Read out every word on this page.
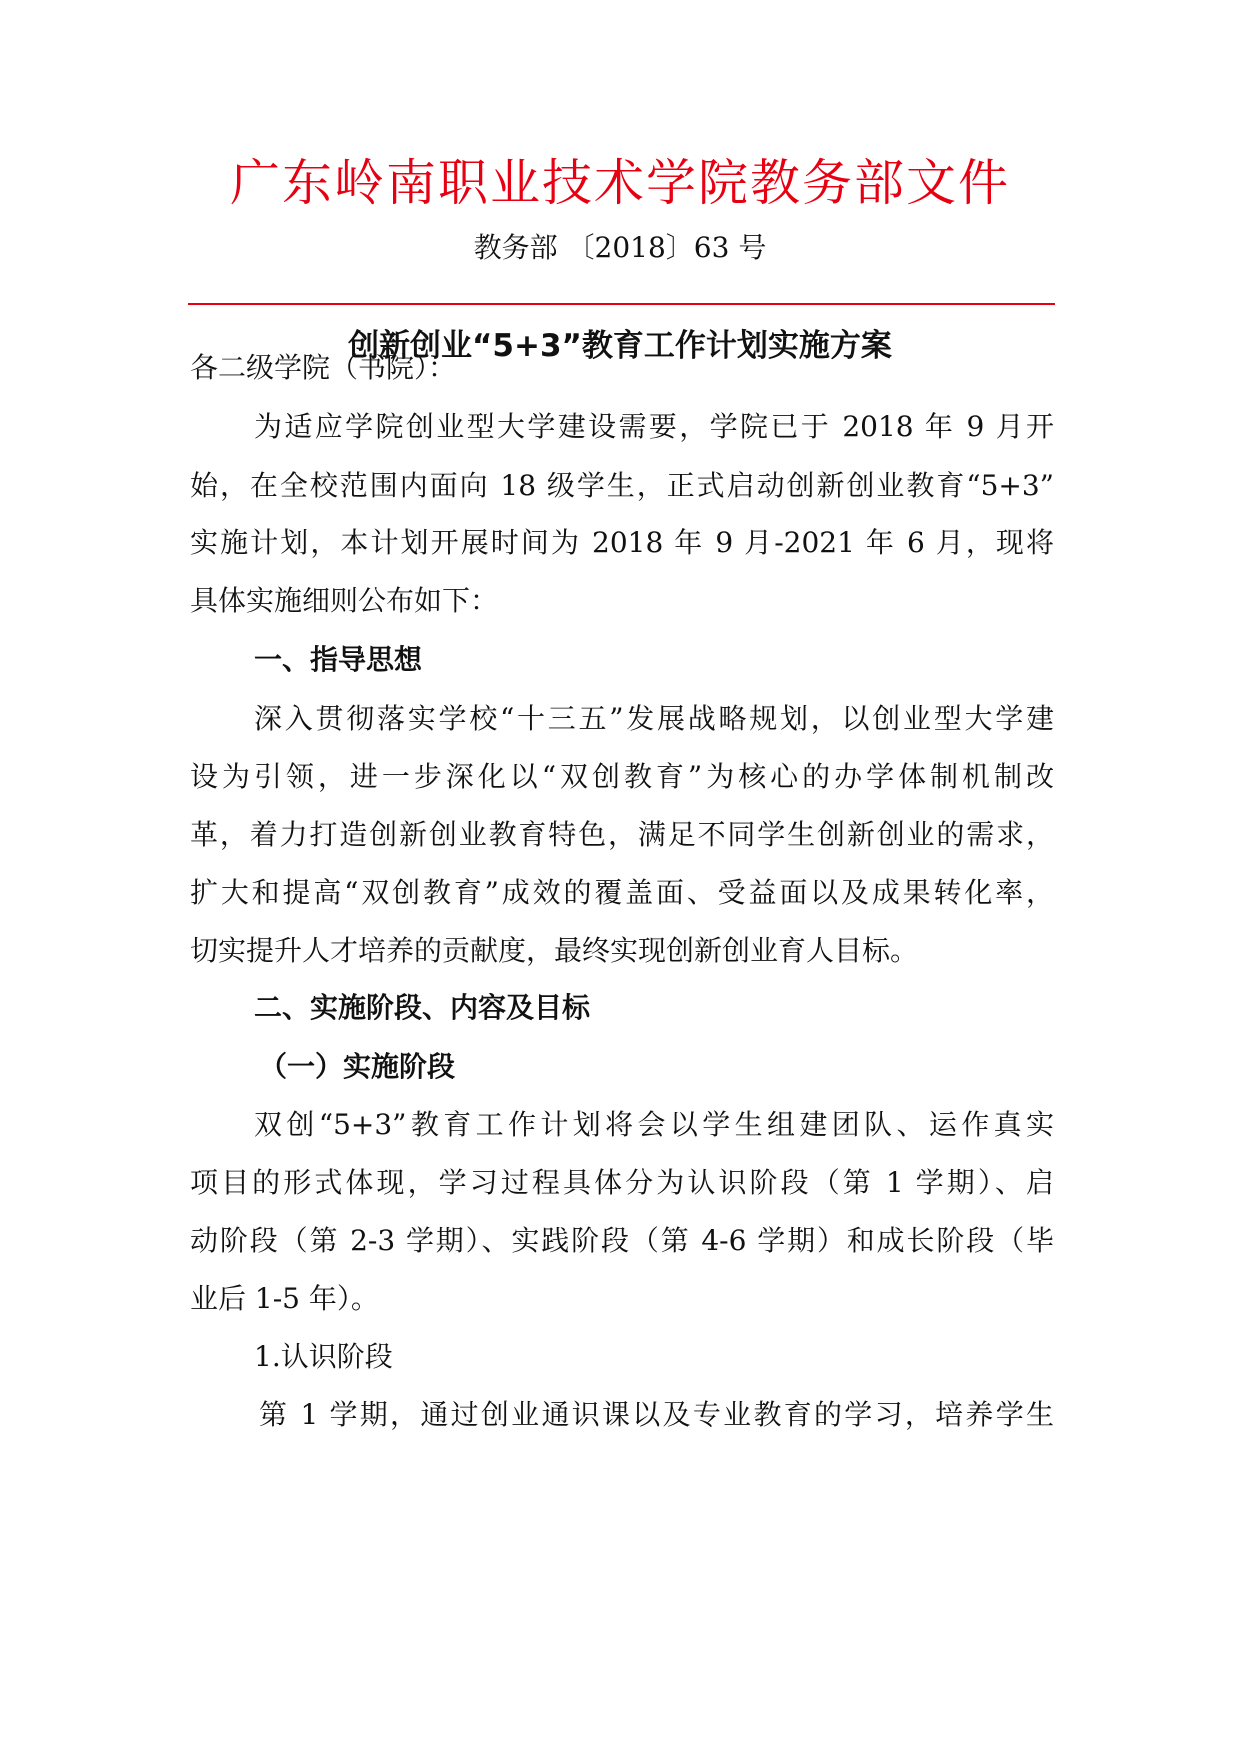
广东岭南职业技术学院教务部文件
教务部 〔2018〕63 号
创新创业“5+3”教育工作计划实施方案
各二级学院（书院）：
为适应学院创业型大学建设需要，学院已于 2018 年 9 月开
始，在全校范围内面向 18 级学生，正式启动创新创业教育“5+3”
实施计划，本计划开展时间为 2018 年 9 月-2021 年 6 月，现将
具体实施细则公布如下：
一、指导思想
深入贯彻落实学校“十三五”发展战略规划，以创业型大学建
设为引领，进一步深化以“双创教育”为核心的办学体制机制改
革，着力打造创新创业教育特色，满足不同学生创新创业的需求，
扩大和提高“双创教育”成效的覆盖面、受益面以及成果转化率，
切实提升人才培养的贡献度，最终实现创新创业育人目标。
二、实施阶段、内容及目标
（一）实施阶段
双创“5+3”教育工作计划将会以学生组建团队、运作真实
项目的形式体现，学习过程具体分为认识阶段（第 1 学期）、启
动阶段（第 2-3 学期）、实践阶段（第 4-6 学期）和成长阶段（毕
业后 1-5 年）。
1.认识阶段
第 1 学期，通过创业通识课以及专业教育的学习，培养学生
